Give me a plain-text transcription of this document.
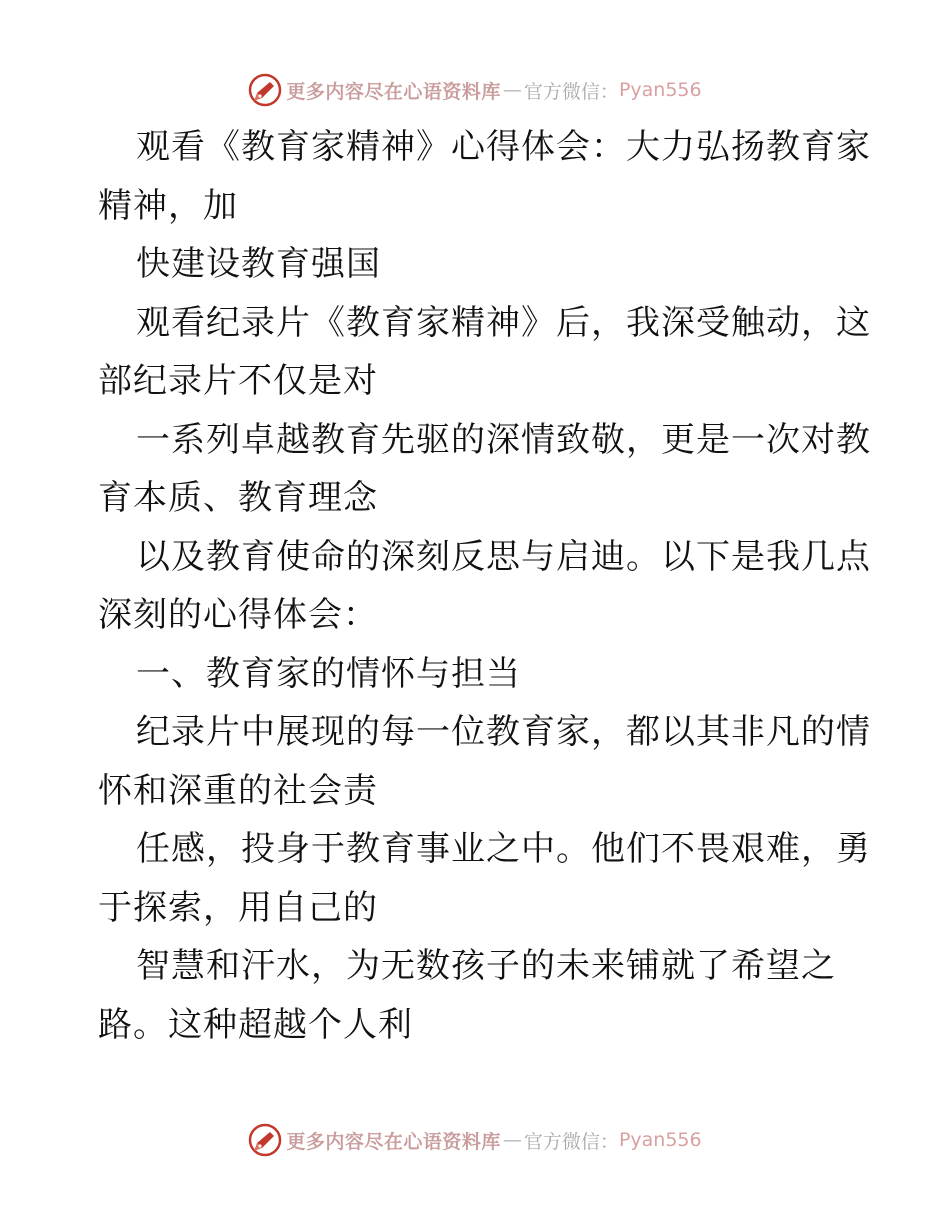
更多内容尽在心语资料库 — 官方微信： Pyan556
观看《教育家精神》心得体会：大力弘扬教育家
精神，加
快建设教育强国
观看纪录片《教育家精神》后，我深受触动，这
部纪录片不仅是对
一系列卓越教育先驱的深情致敬，更是一次对教
育本质、教育理念
以及教育使命的深刻反思与启迪。以下是我几点
深刻的心得体会：
一、教育家的情怀与担当
纪录片中展现的每一位教育家，都以其非凡的情
怀和深重的社会责
任感，投身于教育事业之中。他们不畏艰难，勇
于探索，用自己的
智慧和汗水，为无数孩子的未来铺就了希望之
路。这种超越个人利
更多内容尽在心语资料库 — 官方微信： Pyan556
